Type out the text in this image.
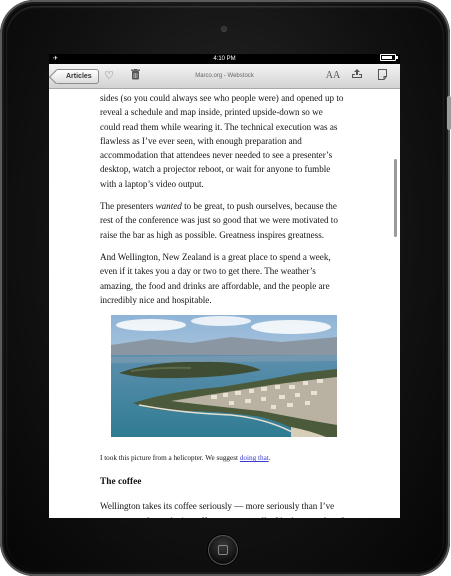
✈	4:10 PM
Articles	♡	Marco.org - Webstock	AA

sides (so you could always see who people were) and opened up to reveal a schedule and map inside, printed upside-down so we could read them while wearing it. The technical execution was as flawless as I’ve ever seen, with enough preparation and accommodation that attendees never needed to see a presenter’s desktop, watch a projector reboot, or wait for anyone to fumble with a laptop’s video output.

The presenters wanted to be great, to push ourselves, because the rest of the conference was just so good that we were motivated to raise the bar as high as possible. Greatness inspires greatness.

And Wellington, New Zealand is a great place to spend a week, even if it takes you a day or two to get there. The weather’s amazing, the food and drinks are affordable, and the people are incredibly nice and hospitable.

I took this picture from a helicopter. We suggest doing that.

The coffee

Wellington takes its coffee seriously — more seriously than I’ve ever seen a place take its coffee — so naturally, I had to try a lot of it. The highlights:
